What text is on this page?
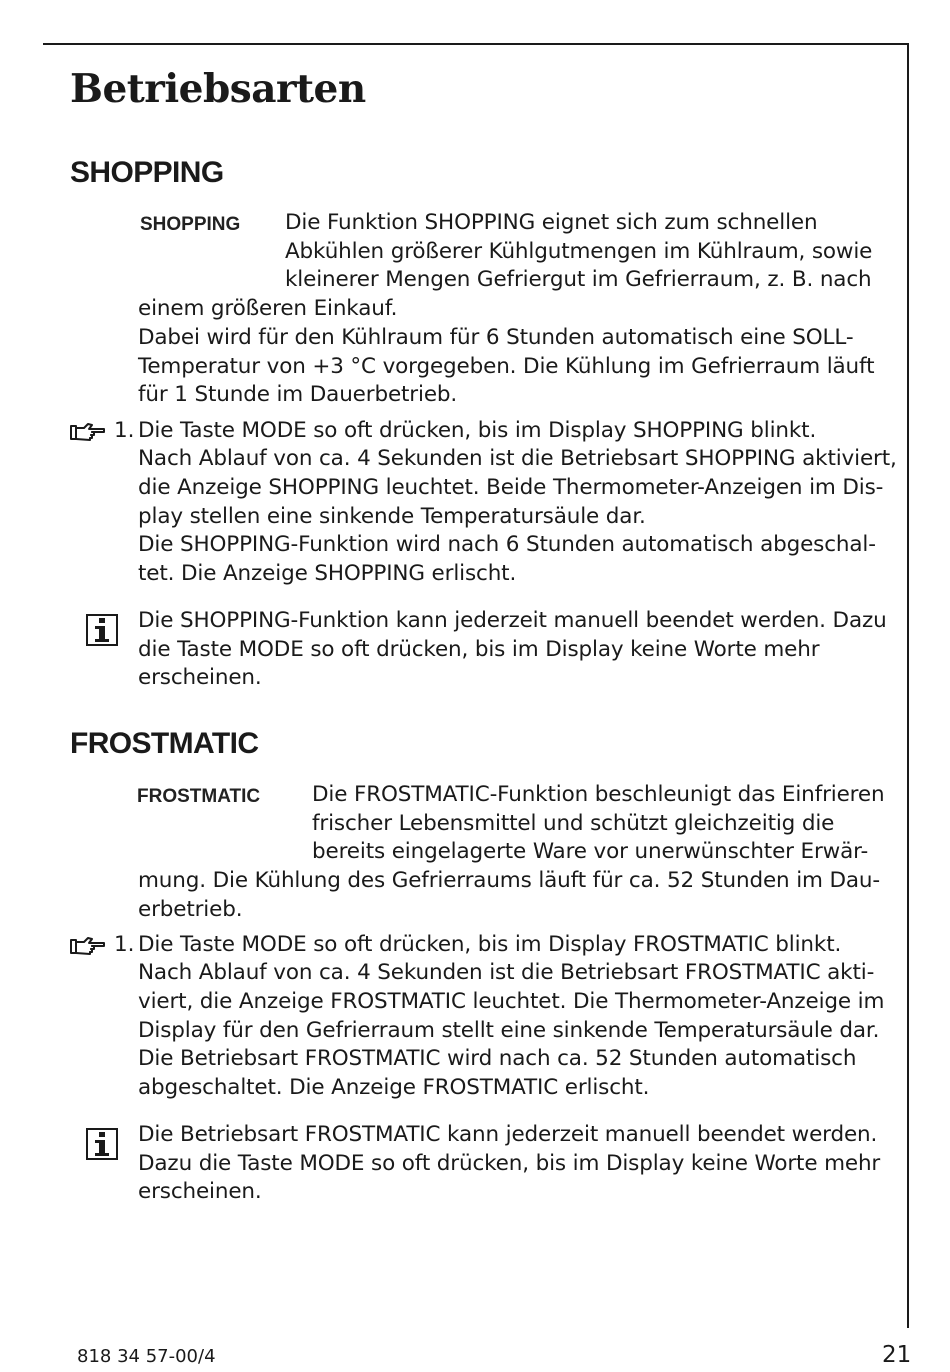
Betriebsarten
SHOPPING
SHOPPING Die Funktion SHOPPING eignet sich zum schnellen
Abkühlen größerer Kühlgutmengen im Kühlraum, sowie
kleinerer Mengen Gefriergut im Gefrierraum, z. B. nach
einem größeren Einkauf.
Dabei wird für den Kühlraum für 6 Stunden automatisch eine SOLL-
Temperatur von +3 °C vorgegeben. Die Kühlung im Gefrierraum läuft
für 1 Stunde im Dauerbetrieb.
1. Die Taste MODE so oft drücken, bis im Display SHOPPING blinkt.
Nach Ablauf von ca. 4 Sekunden ist die Betriebsart SHOPPING aktiviert,
die Anzeige SHOPPING leuchtet. Beide Thermometer-Anzeigen im Dis-
play stellen eine sinkende Temperatursäule dar.
Die SHOPPING-Funktion wird nach 6 Stunden automatisch abgeschal-
tet. Die Anzeige SHOPPING erlischt.
Die SHOPPING-Funktion kann jederzeit manuell beendet werden. Dazu
die Taste MODE so oft drücken, bis im Display keine Worte mehr
erscheinen.
FROSTMATIC
FROSTMATIC Die FROSTMATIC-Funktion beschleunigt das Einfrieren
frischer Lebensmittel und schützt gleichzeitig die
bereits eingelagerte Ware vor unerwünschter Erwär-
mung. Die Kühlung des Gefrierraums läuft für ca. 52 Stunden im Dau-
erbetrieb.
1. Die Taste MODE so oft drücken, bis im Display FROSTMATIC blinkt.
Nach Ablauf von ca. 4 Sekunden ist die Betriebsart FROSTMATIC akti-
viert, die Anzeige FROSTMATIC leuchtet. Die Thermometer-Anzeige im
Display für den Gefrierraum stellt eine sinkende Temperatursäule dar.
Die Betriebsart FROSTMATIC wird nach ca. 52 Stunden automatisch
abgeschaltet. Die Anzeige FROSTMATIC erlischt.
Die Betriebsart FROSTMATIC kann jederzeit manuell beendet werden.
Dazu die Taste MODE so oft drücken, bis im Display keine Worte mehr
erscheinen.
818 34 57-00/4	21
